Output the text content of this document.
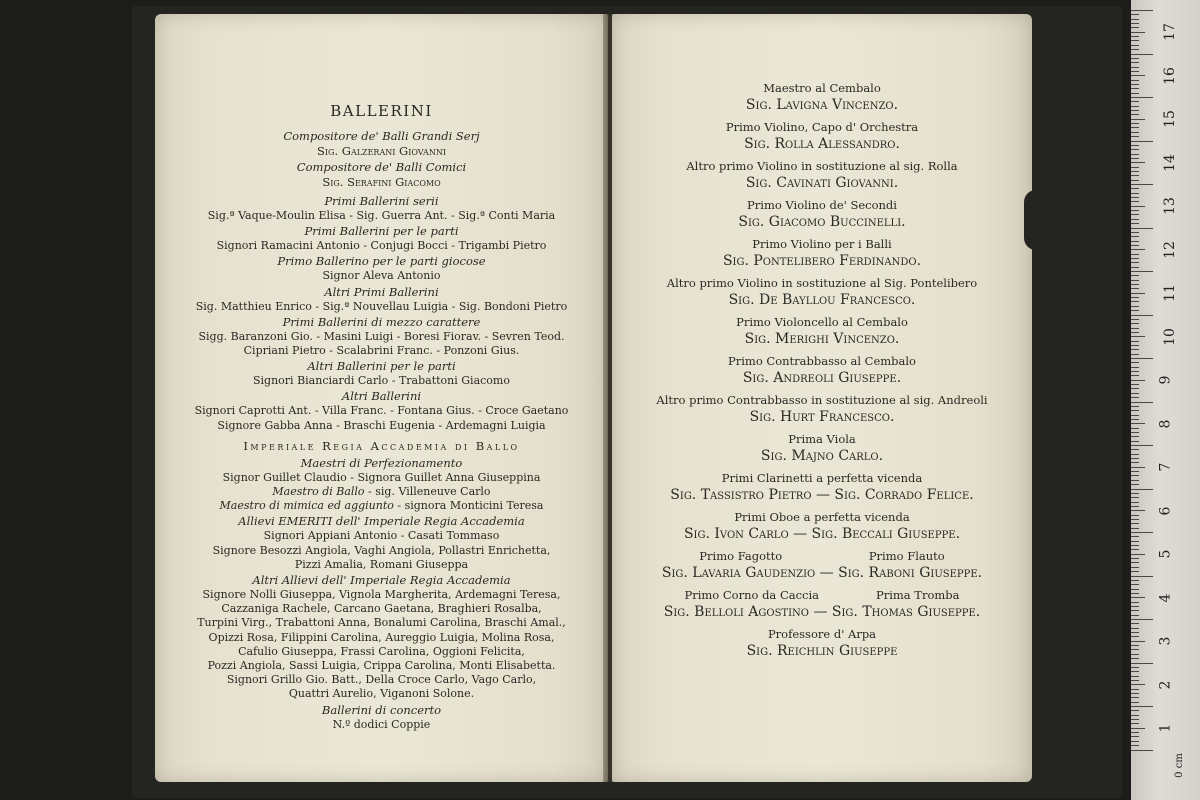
BALLERINI
Compositore de' Balli Grandi Serj
Sig. Galzerani Giovanni
Compositore de' Balli Comici
Sig. Serafini Giacomo
Primi Ballerini serii
Sig.ª Vaque-Moulin Elisa - Sig. Guerra Ant. - Sig.ª Conti Maria
Primi Ballerini per le parti
Signori Ramacini Antonio - Conjugi Bocci - Trigambi Pietro
Primo Ballerino per le parti giocose
Signor Aleva Antonio
Altri Primi Ballerini
Sig. Matthieu Enrico - Sig.ª Nouvellau Luigia - Sig. Bondoni Pietro
Primi Ballerini di mezzo carattere
Sigg. Baranzoni Gio. - Masini Luigi - Boresi Fiorav. - Sevren Teod.
Cipriani Pietro - Scalabrini Franc. - Ponzoni Gius.
Altri Ballerini per le parti
Signori Bianciardi Carlo - Trabattoni Giacomo
Altri Ballerini
Signori Caprotti Ant. - Villa Franc. - Fontana Gius. - Croce Gaetano
Signore Gabba Anna - Braschi Eugenia - Ardemagni Luigia
Imperiale Regia Accademia di Ballo
Maestri di Perfezionamento
Signor Guillet Claudio - Signora Guillet Anna Giuseppina
Maestro di Ballo - sig. Villeneuve Carlo
Maestro di mimica ed aggiunto - signora Monticini Teresa
Allievi EMERITI dell' Imperiale Regia Accademia
Signori Appiani Antonio - Casati Tommaso
Signore Besozzi Angiola, Vaghi Angiola, Pollastri Enrichetta,
Pizzi Amalia, Romani Giuseppa
Altri Allievi dell' Imperiale Regia Accademia
Signore Nolli Giuseppa, Vignola Margherita, Ardemagni Teresa,
Cazzaniga Rachele, Carcano Gaetana, Braghieri Rosalba,
Turpini Virg., Trabattoni Anna, Bonalumi Carolina, Braschi Amal.,
Opizzi Rosa, Filippini Carolina, Aureggio Luigia, Molina Rosa,
Cafulio Giuseppa, Frassi Carolina, Oggioni Felicita,
Pozzi Angiola, Sassi Luigia, Crippa Carolina, Monti Elisabetta.
Signori Grillo Gio. Batt., Della Croce Carlo, Vago Carlo,
Quattri Aurelio, Viganoni Solone.
Ballerini di concerto
N.º dodici Coppie
Maestro al Cembalo
Sig. Lavigna Vincenzo.
Primo Violino, Capo d' Orchestra
Sig. Rolla Alessandro.
Altro primo Violino in sostituzione al sig. Rolla
Sig. Cavinati Giovanni.
Primo Violino de' Secondi
Sig. Giacomo Buccinelli.
Primo Violino per i Balli
Sig. Pontelibero Ferdinando.
Altro primo Violino in sostituzione al Sig. Pontelibero
Sig. De Bayllou Francesco.
Primo Violoncello al Cembalo
Sig. Merighi Vincenzo.
Primo Contrabbasso al Cembalo
Sig. Andreoli Giuseppe.
Altro primo Contrabbasso in sostituzione al sig. Andreoli
Sig. Hurt Francesco.
Prima Viola
Sig. Majno Carlo.
Primi Clarinetti a perfetta vicenda
Sig. Tassistro Pietro — Sig. Corrado Felice.
Primi Oboe a perfetta vicenda
Sig. Ivon Carlo — Sig. Beccali Giuseppe.
Primo Fagotto	Primo Flauto
Sig. Lavaria Gaudenzio — Sig. Raboni Giuseppe.
Primo Corno da Caccia	Prima Tromba
Sig. Belloli Agostino — Sig. Thomas Giuseppe.
Professore d' Arpa
Sig. Reichlin Giuseppe
0 cm
17
16
15
14
13
12
11
10
9
8
7
6
5
4
3
2
1
